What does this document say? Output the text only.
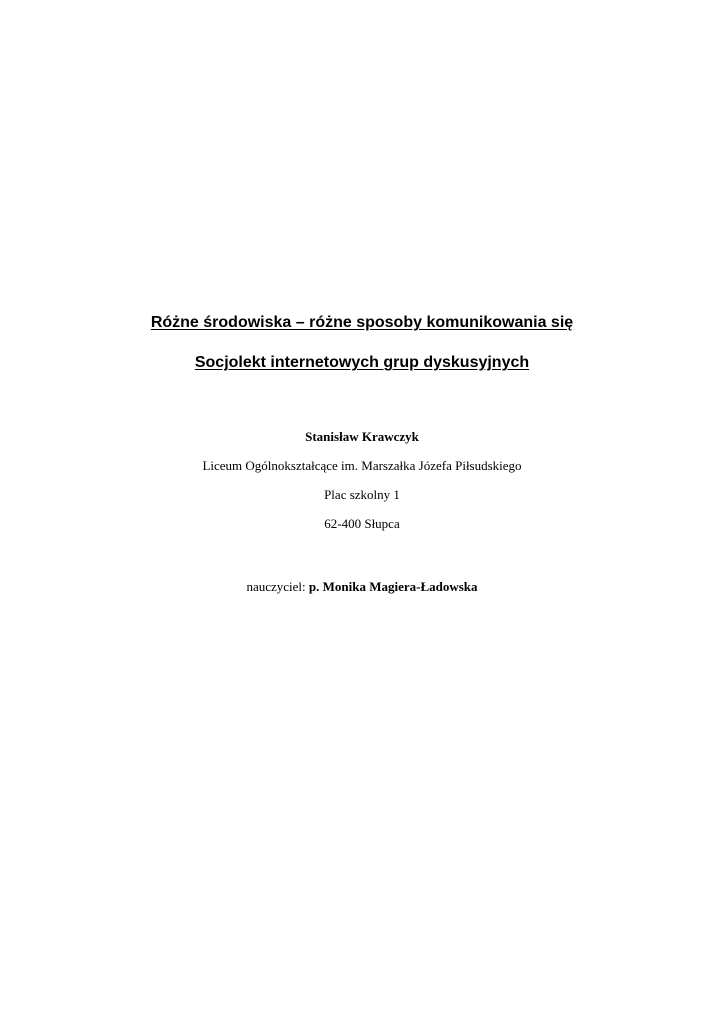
Różne środowiska – różne sposoby komunikowania się
Socjolekt internetowych grup dyskusyjnych
Stanisław Krawczyk
Liceum Ogólnokształcące im. Marszałka Józefa Piłsudskiego
Plac szkolny 1
62-400 Słupca
nauczyciel: p. Monika Magiera-Ładowska
